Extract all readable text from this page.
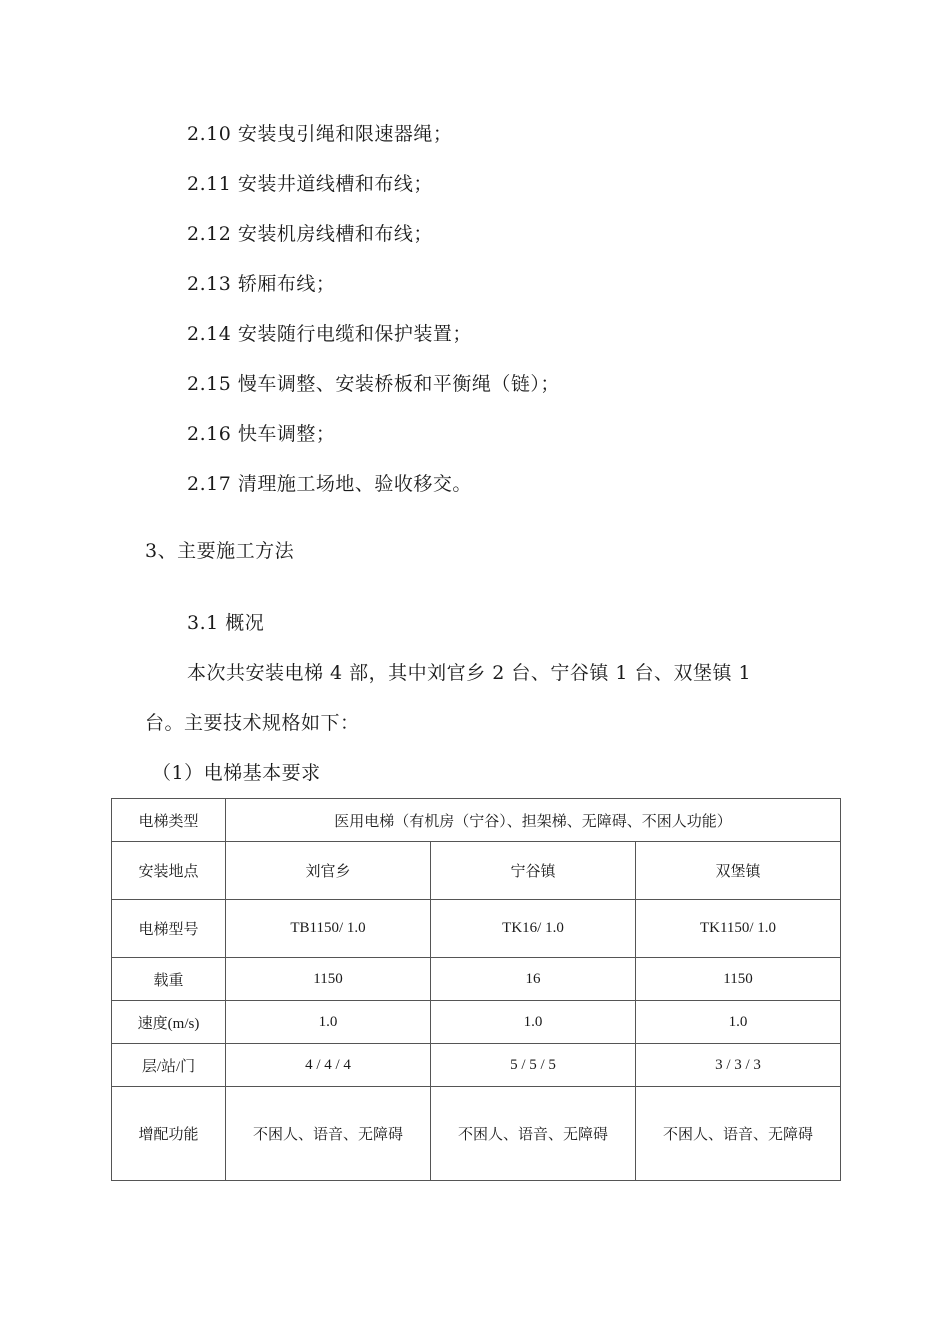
2.10 安装曳引绳和限速器绳；
2.11 安装井道线槽和布线；
2.12 安装机房线槽和布线；
2.13 轿厢布线；
2.14 安装随行电缆和保护装置；
2.15 慢车调整、安装桥板和平衡绳（链）；
2.16 快车调整；
2.17 清理施工场地、验收移交。
3、主要施工方法
3.1 概况
本次共安装电梯 4 部，其中刘官乡 2 台、宁谷镇 1 台、双堡镇 1
台。主要技术规格如下：
（1）电梯基本要求
电梯类型	医用电梯（有机房（宁谷）、担架梯、无障碍、不困人功能）		
安装地点	刘官乡	宁谷镇	双堡镇
电梯型号	TB1150/ 1.0	TK16/ 1.0	TK1150/ 1.0
载重	1150	16	1150
速度(m/s)	1.0	1.0	1.0
层/站/门	4 / 4 / 4	5 / 5 / 5	3 / 3 / 3
增配功能	不困人、语音、无障碍	不困人、语音、无障碍	不困人、语音、无障碍
